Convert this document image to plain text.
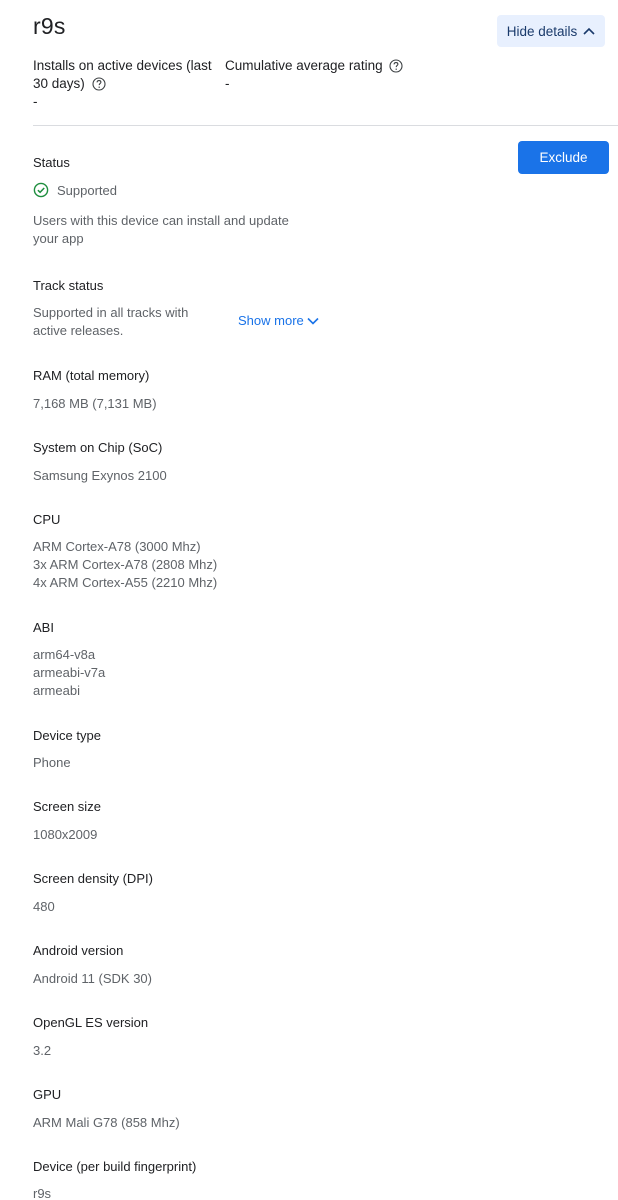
r9s	Hide details
Installs on active devices (last 30 days)
-
Cumulative average rating
-
Exclude
Status
Supported
Users with this device can install and update your app
Track status
Supported in all tracks with active releases.
Show more
RAM (total memory)
7,168 MB (7,131 MB)
System on Chip (SoC)
Samsung Exynos 2100
CPU
ARM Cortex-A78 (3000 Mhz)
3x ARM Cortex-A78 (2808 Mhz)
4x ARM Cortex-A55 (2210 Mhz)
ABI
arm64-v8a
armeabi-v7a
armeabi
Device type
Phone
Screen size
1080x2009
Screen density (DPI)
480
Android version
Android 11 (SDK 30)
OpenGL ES version
3.2
GPU
ARM Mali G78 (858 Mhz)
Device (per build fingerprint)
r9s
